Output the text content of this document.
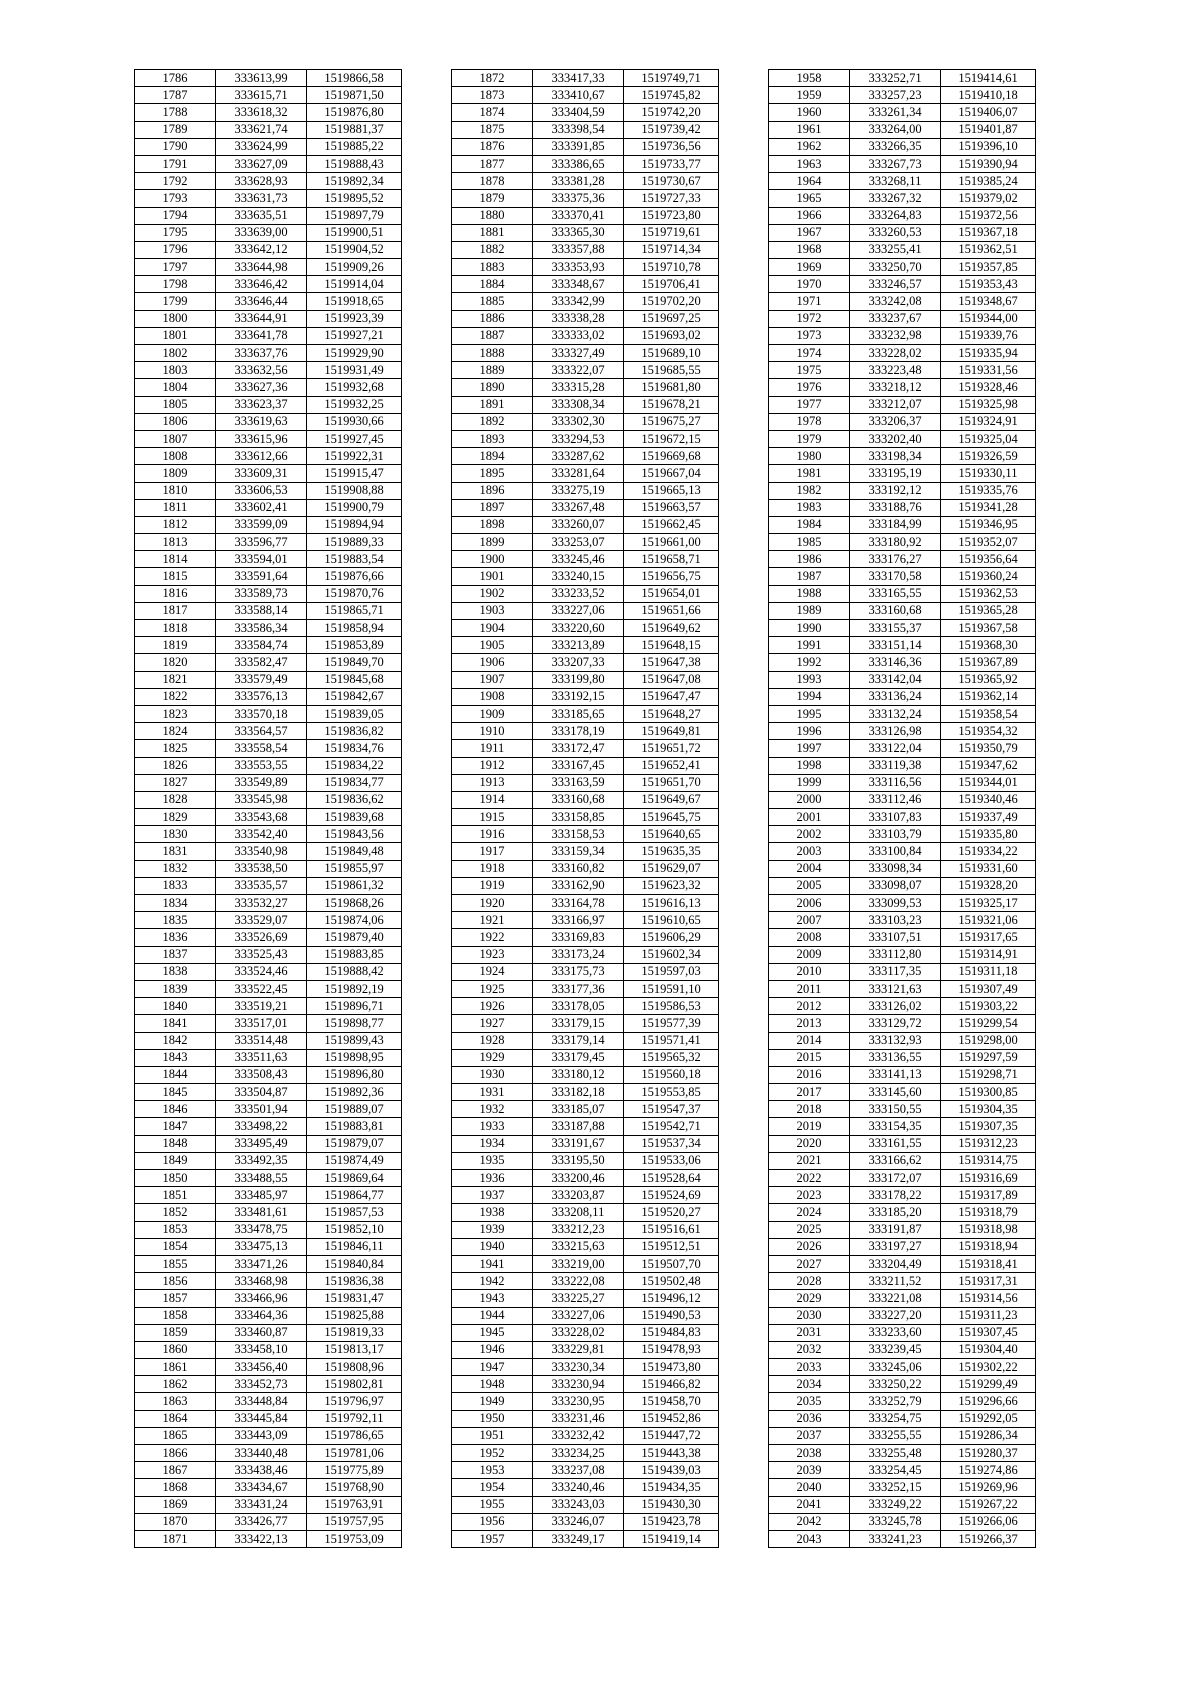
1786	333613,99	1519866,58
1787	333615,71	1519871,50
1788	333618,32	1519876,80
1789	333621,74	1519881,37
1790	333624,99	1519885,22
1791	333627,09	1519888,43
1792	333628,93	1519892,34
1793	333631,73	1519895,52
1794	333635,51	1519897,79
1795	333639,00	1519900,51
1796	333642,12	1519904,52
1797	333644,98	1519909,26
1798	333646,42	1519914,04
1799	333646,44	1519918,65
1800	333644,91	1519923,39
1801	333641,78	1519927,21
1802	333637,76	1519929,90
1803	333632,56	1519931,49
1804	333627,36	1519932,68
1805	333623,37	1519932,25
1806	333619,63	1519930,66
1807	333615,96	1519927,45
1808	333612,66	1519922,31
1809	333609,31	1519915,47
1810	333606,53	1519908,88
1811	333602,41	1519900,79
1812	333599,09	1519894,94
1813	333596,77	1519889,33
1814	333594,01	1519883,54
1815	333591,64	1519876,66
1816	333589,73	1519870,76
1817	333588,14	1519865,71
1818	333586,34	1519858,94
1819	333584,74	1519853,89
1820	333582,47	1519849,70
1821	333579,49	1519845,68
1822	333576,13	1519842,67
1823	333570,18	1519839,05
1824	333564,57	1519836,82
1825	333558,54	1519834,76
1826	333553,55	1519834,22
1827	333549,89	1519834,77
1828	333545,98	1519836,62
1829	333543,68	1519839,68
1830	333542,40	1519843,56
1831	333540,98	1519849,48
1832	333538,50	1519855,97
1833	333535,57	1519861,32
1834	333532,27	1519868,26
1835	333529,07	1519874,06
1836	333526,69	1519879,40
1837	333525,43	1519883,85
1838	333524,46	1519888,42
1839	333522,45	1519892,19
1840	333519,21	1519896,71
1841	333517,01	1519898,77
1842	333514,48	1519899,43
1843	333511,63	1519898,95
1844	333508,43	1519896,80
1845	333504,87	1519892,36
1846	333501,94	1519889,07
1847	333498,22	1519883,81
1848	333495,49	1519879,07
1849	333492,35	1519874,49
1850	333488,55	1519869,64
1851	333485,97	1519864,77
1852	333481,61	1519857,53
1853	333478,75	1519852,10
1854	333475,13	1519846,11
1855	333471,26	1519840,84
1856	333468,98	1519836,38
1857	333466,96	1519831,47
1858	333464,36	1519825,88
1859	333460,87	1519819,33
1860	333458,10	1519813,17
1861	333456,40	1519808,96
1862	333452,73	1519802,81
1863	333448,84	1519796,97
1864	333445,84	1519792,11
1865	333443,09	1519786,65
1866	333440,48	1519781,06
1867	333438,46	1519775,89
1868	333434,67	1519768,90
1869	333431,24	1519763,91
1870	333426,77	1519757,95
1871	333422,13	1519753,09
1872	333417,33	1519749,71
1873	333410,67	1519745,82
1874	333404,59	1519742,20
1875	333398,54	1519739,42
1876	333391,85	1519736,56
1877	333386,65	1519733,77
1878	333381,28	1519730,67
1879	333375,36	1519727,33
1880	333370,41	1519723,80
1881	333365,30	1519719,61
1882	333357,88	1519714,34
1883	333353,93	1519710,78
1884	333348,67	1519706,41
1885	333342,99	1519702,20
1886	333338,28	1519697,25
1887	333333,02	1519693,02
1888	333327,49	1519689,10
1889	333322,07	1519685,55
1890	333315,28	1519681,80
1891	333308,34	1519678,21
1892	333302,30	1519675,27
1893	333294,53	1519672,15
1894	333287,62	1519669,68
1895	333281,64	1519667,04
1896	333275,19	1519665,13
1897	333267,48	1519663,57
1898	333260,07	1519662,45
1899	333253,07	1519661,00
1900	333245,46	1519658,71
1901	333240,15	1519656,75
1902	333233,52	1519654,01
1903	333227,06	1519651,66
1904	333220,60	1519649,62
1905	333213,89	1519648,15
1906	333207,33	1519647,38
1907	333199,80	1519647,08
1908	333192,15	1519647,47
1909	333185,65	1519648,27
1910	333178,19	1519649,81
1911	333172,47	1519651,72
1912	333167,45	1519652,41
1913	333163,59	1519651,70
1914	333160,68	1519649,67
1915	333158,85	1519645,75
1916	333158,53	1519640,65
1917	333159,34	1519635,35
1918	333160,82	1519629,07
1919	333162,90	1519623,32
1920	333164,78	1519616,13
1921	333166,97	1519610,65
1922	333169,83	1519606,29
1923	333173,24	1519602,34
1924	333175,73	1519597,03
1925	333177,36	1519591,10
1926	333178,05	1519586,53
1927	333179,15	1519577,39
1928	333179,14	1519571,41
1929	333179,45	1519565,32
1930	333180,12	1519560,18
1931	333182,18	1519553,85
1932	333185,07	1519547,37
1933	333187,88	1519542,71
1934	333191,67	1519537,34
1935	333195,50	1519533,06
1936	333200,46	1519528,64
1937	333203,87	1519524,69
1938	333208,11	1519520,27
1939	333212,23	1519516,61
1940	333215,63	1519512,51
1941	333219,00	1519507,70
1942	333222,08	1519502,48
1943	333225,27	1519496,12
1944	333227,06	1519490,53
1945	333228,02	1519484,83
1946	333229,81	1519478,93
1947	333230,34	1519473,80
1948	333230,94	1519466,82
1949	333230,95	1519458,70
1950	333231,46	1519452,86
1951	333232,42	1519447,72
1952	333234,25	1519443,38
1953	333237,08	1519439,03
1954	333240,46	1519434,35
1955	333243,03	1519430,30
1956	333246,07	1519423,78
1957	333249,17	1519419,14
1958	333252,71	1519414,61
1959	333257,23	1519410,18
1960	333261,34	1519406,07
1961	333264,00	1519401,87
1962	333266,35	1519396,10
1963	333267,73	1519390,94
1964	333268,11	1519385,24
1965	333267,32	1519379,02
1966	333264,83	1519372,56
1967	333260,53	1519367,18
1968	333255,41	1519362,51
1969	333250,70	1519357,85
1970	333246,57	1519353,43
1971	333242,08	1519348,67
1972	333237,67	1519344,00
1973	333232,98	1519339,76
1974	333228,02	1519335,94
1975	333223,48	1519331,56
1976	333218,12	1519328,46
1977	333212,07	1519325,98
1978	333206,37	1519324,91
1979	333202,40	1519325,04
1980	333198,34	1519326,59
1981	333195,19	1519330,11
1982	333192,12	1519335,76
1983	333188,76	1519341,28
1984	333184,99	1519346,95
1985	333180,92	1519352,07
1986	333176,27	1519356,64
1987	333170,58	1519360,24
1988	333165,55	1519362,53
1989	333160,68	1519365,28
1990	333155,37	1519367,58
1991	333151,14	1519368,30
1992	333146,36	1519367,89
1993	333142,04	1519365,92
1994	333136,24	1519362,14
1995	333132,24	1519358,54
1996	333126,98	1519354,32
1997	333122,04	1519350,79
1998	333119,38	1519347,62
1999	333116,56	1519344,01
2000	333112,46	1519340,46
2001	333107,83	1519337,49
2002	333103,79	1519335,80
2003	333100,84	1519334,22
2004	333098,34	1519331,60
2005	333098,07	1519328,20
2006	333099,53	1519325,17
2007	333103,23	1519321,06
2008	333107,51	1519317,65
2009	333112,80	1519314,91
2010	333117,35	1519311,18
2011	333121,63	1519307,49
2012	333126,02	1519303,22
2013	333129,72	1519299,54
2014	333132,93	1519298,00
2015	333136,55	1519297,59
2016	333141,13	1519298,71
2017	333145,60	1519300,85
2018	333150,55	1519304,35
2019	333154,35	1519307,35
2020	333161,55	1519312,23
2021	333166,62	1519314,75
2022	333172,07	1519316,69
2023	333178,22	1519317,89
2024	333185,20	1519318,79
2025	333191,87	1519318,98
2026	333197,27	1519318,94
2027	333204,49	1519318,41
2028	333211,52	1519317,31
2029	333221,08	1519314,56
2030	333227,20	1519311,23
2031	333233,60	1519307,45
2032	333239,45	1519304,40
2033	333245,06	1519302,22
2034	333250,22	1519299,49
2035	333252,79	1519296,66
2036	333254,75	1519292,05
2037	333255,55	1519286,34
2038	333255,48	1519280,37
2039	333254,45	1519274,86
2040	333252,15	1519269,96
2041	333249,22	1519267,22
2042	333245,78	1519266,06
2043	333241,23	1519266,37
